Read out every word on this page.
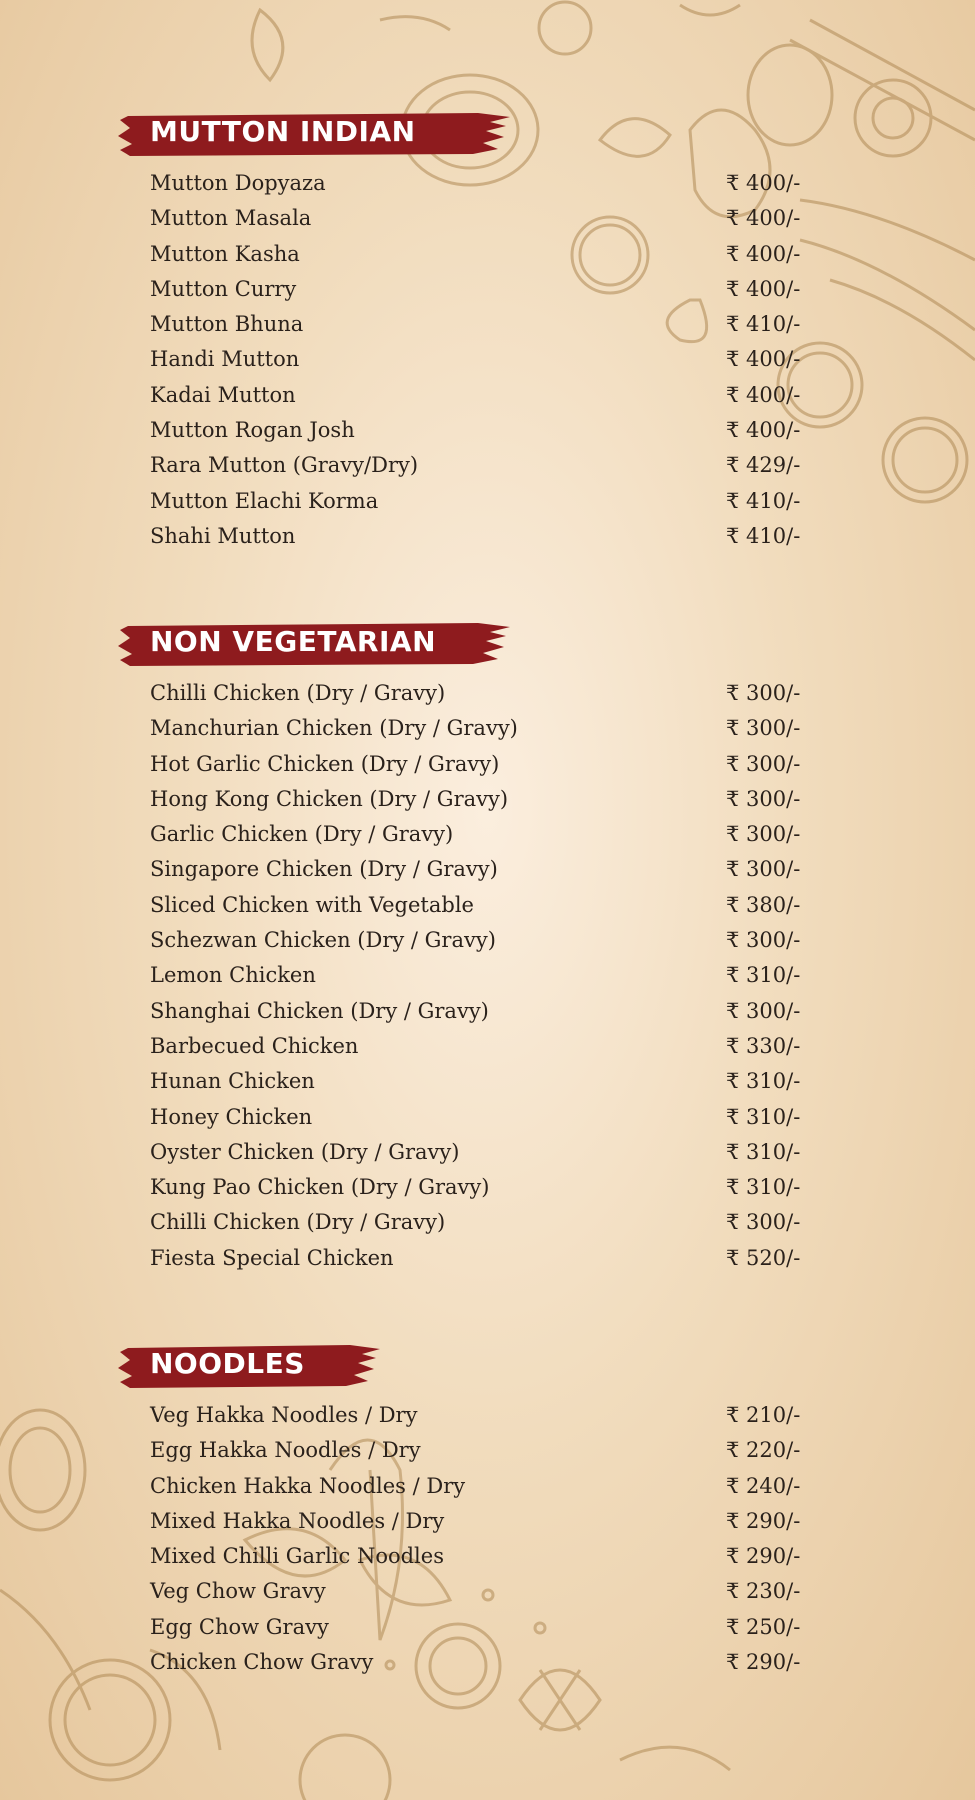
MUTTON INDIAN
Mutton Dopyaza	₹ 400/-
Mutton Masala	₹ 400/-
Mutton Kasha	₹ 400/-
Mutton Curry	₹ 400/-
Mutton Bhuna	₹ 410/-
Handi Mutton	₹ 400/-
Kadai Mutton	₹ 400/-
Mutton Rogan Josh	₹ 400/-
Rara Mutton (Gravy/Dry)	₹ 429/-
Mutton Elachi Korma	₹ 410/-
Shahi Mutton	₹ 410/-
NON VEGETARIAN
Chilli Chicken (Dry / Gravy)	₹ 300/-
Manchurian Chicken (Dry / Gravy)	₹ 300/-
Hot Garlic Chicken (Dry / Gravy)	₹ 300/-
Hong Kong Chicken (Dry / Gravy)	₹ 300/-
Garlic Chicken (Dry / Gravy)	₹ 300/-
Singapore Chicken (Dry / Gravy)	₹ 300/-
Sliced Chicken with Vegetable	₹ 380/-
Schezwan Chicken (Dry / Gravy)	₹ 300/-
Lemon Chicken	₹ 310/-
Shanghai Chicken (Dry / Gravy)	₹ 300/-
Barbecued Chicken	₹ 330/-
Hunan Chicken	₹ 310/-
Honey Chicken	₹ 310/-
Oyster Chicken (Dry / Gravy)	₹ 310/-
Kung Pao Chicken (Dry / Gravy)	₹ 310/-
Chilli Chicken (Dry / Gravy)	₹ 300/-
Fiesta Special Chicken	₹ 520/-
NOODLES
Veg Hakka Noodles / Dry	₹ 210/-
Egg Hakka Noodles / Dry	₹ 220/-
Chicken Hakka Noodles / Dry	₹ 240/-
Mixed Hakka Noodles / Dry	₹ 290/-
Mixed Chilli Garlic Noodles	₹ 290/-
Veg Chow Gravy	₹ 230/-
Egg Chow Gravy	₹ 250/-
Chicken Chow Gravy	₹ 290/-
